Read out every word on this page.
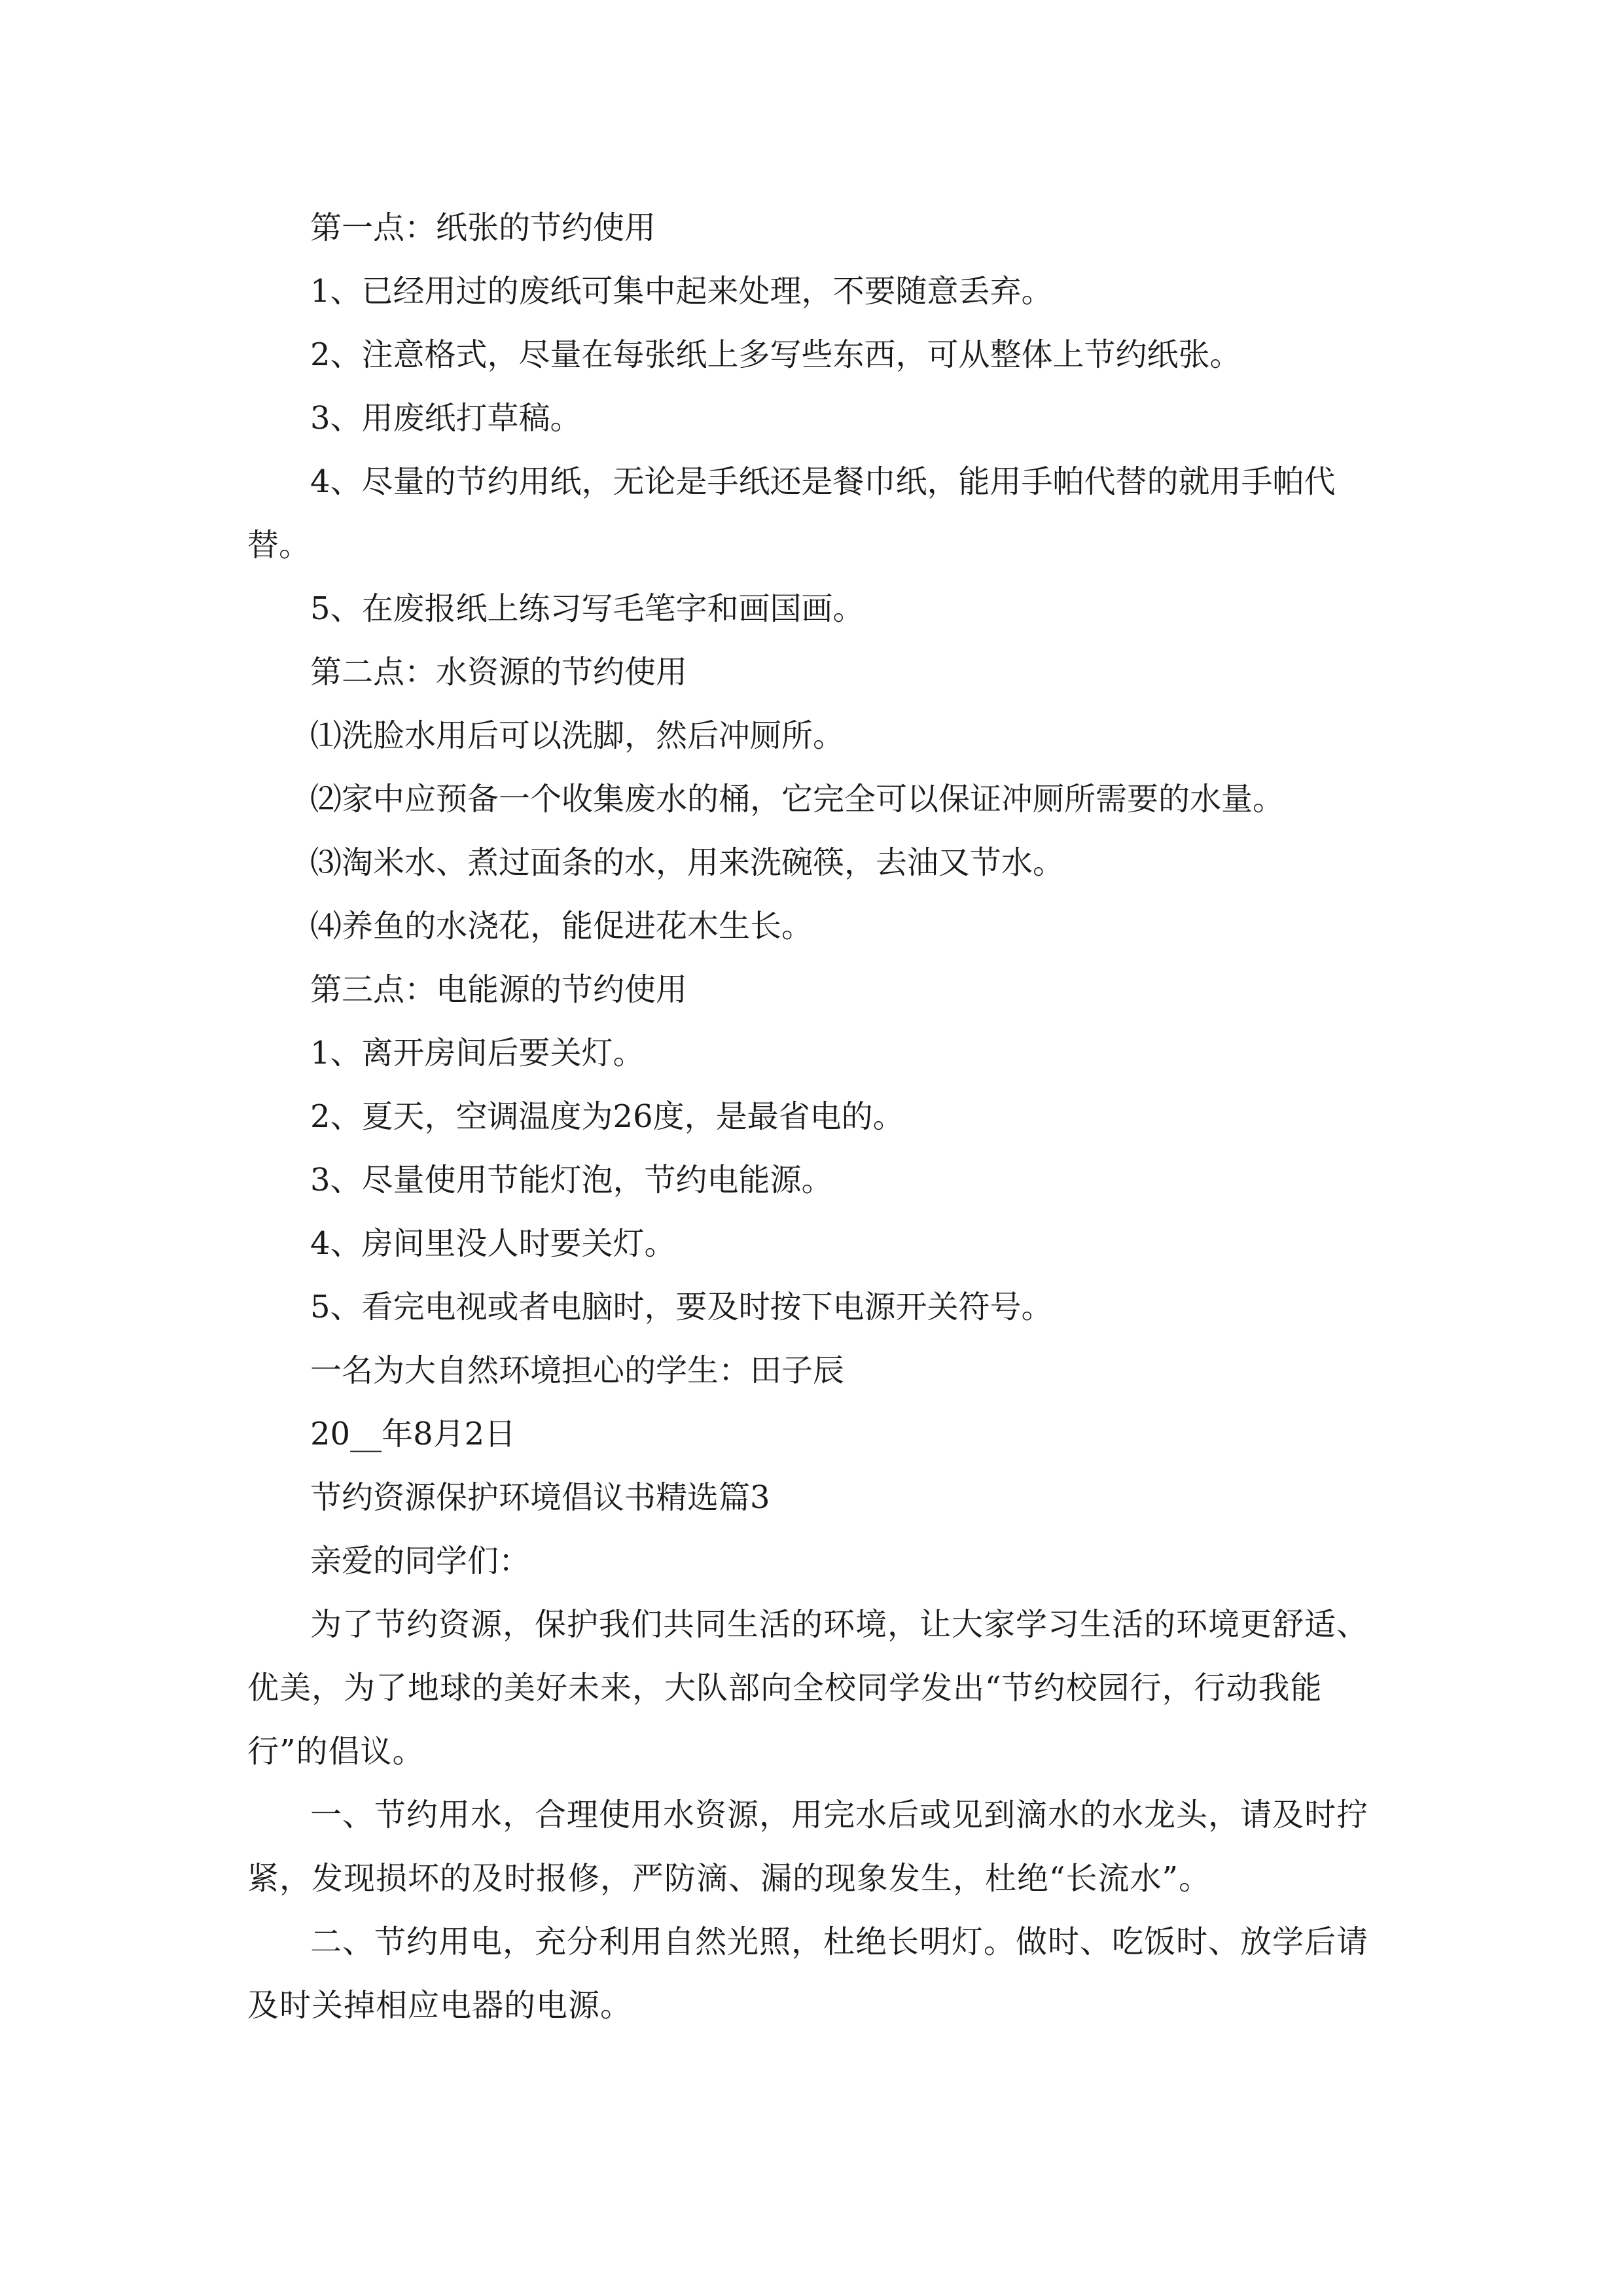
第一点：纸张的节约使用

1、已经用过的废纸可集中起来处理，不要随意丢弃。

2、注意格式，尽量在每张纸上多写些东西，可从整体上节约纸张。

3、用废纸打草稿。

4、尽量的节约用纸，无论是手纸还是餐巾纸，能用手帕代替的就用手帕代替。

5、在废报纸上练习写毛笔字和画国画。

第二点：水资源的节约使用

⑴洗脸水用后可以洗脚，然后冲厕所。

⑵家中应预备一个收集废水的桶，它完全可以保证冲厕所需要的水量。

⑶淘米水、煮过面条的水，用来洗碗筷，去油又节水。

⑷养鱼的水浇花，能促进花木生长。

第三点：电能源的节约使用

1、离开房间后要关灯。

2、夏天，空调温度为26度，是最省电的。

3、尽量使用节能灯泡，节约电能源。

4、房间里没人时要关灯。

5、看完电视或者电脑时，要及时按下电源开关符号。

一名为大自然环境担心的学生：田子辰

20__年8月2日

节约资源保护环境倡议书精选篇3

亲爱的同学们：

为了节约资源，保护我们共同生活的环境，让大家学习生活的环境更舒适、优美，为了地球的美好未来，大队部向全校同学发出“节约校园行，行动我能行”的倡议。

一、节约用水，合理使用水资源，用完水后或见到滴水的水龙头，请及时拧紧，发现损坏的及时报修，严防滴、漏的现象发生，杜绝“长流水”。

二、节约用电，充分利用自然光照，杜绝长明灯。做时、吃饭时、放学后请及时关掉相应电器的电源。
